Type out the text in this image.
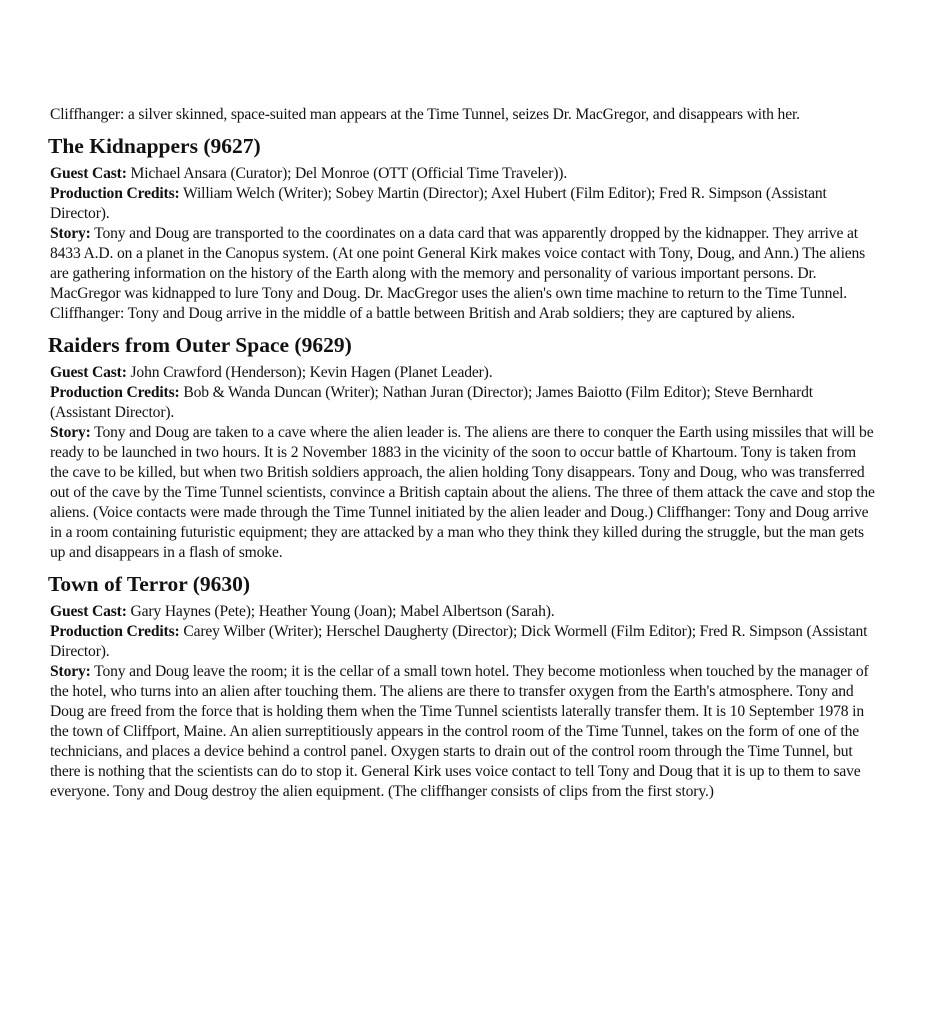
Cliffhanger: a silver skinned, space-suited man appears at the Time Tunnel, seizes Dr. MacGregor, and disappears with her.

The Kidnappers (9627)

Guest Cast: Michael Ansara (Curator); Del Monroe (OTT (Official Time Traveler)).

Production Credits: William Welch (Writer); Sobey Martin (Director); Axel Hubert (Film Editor); Fred R. Simpson (Assistant Director).

Story: Tony and Doug are transported to the coordinates on a data card that was apparently dropped by the kidnapper. They arrive at 8433 A.D. on a planet in the Canopus system. (At one point General Kirk makes voice contact with Tony, Doug, and Ann.) The aliens are gathering information on the history of the Earth along with the memory and personality of various important persons. Dr. MacGregor was kidnapped to lure Tony and Doug. Dr. MacGregor uses the alien's own time machine to return to the Time Tunnel. Cliffhanger: Tony and Doug arrive in the middle of a battle between British and Arab soldiers; they are captured by aliens.

Raiders from Outer Space (9629)

Guest Cast: John Crawford (Henderson); Kevin Hagen (Planet Leader).

Production Credits: Bob & Wanda Duncan (Writer); Nathan Juran (Director); James Baiotto (Film Editor); Steve Bernhardt (Assistant Director).

Story: Tony and Doug are taken to a cave where the alien leader is. The aliens are there to conquer the Earth using missiles that will be ready to be launched in two hours. It is 2 November 1883 in the vicinity of the soon to occur battle of Khartoum. Tony is taken from the cave to be killed, but when two British soldiers approach, the alien holding Tony disappears. Tony and Doug, who was transferred out of the cave by the Time Tunnel scientists, convince a British captain about the aliens. The three of them attack the cave and stop the aliens. (Voice contacts were made through the Time Tunnel initiated by the alien leader and Doug.) Cliffhanger: Tony and Doug arrive in a room containing futuristic equipment; they are attacked by a man who they think they killed during the struggle, but the man gets up and disappears in a flash of smoke.

Town of Terror (9630)

Guest Cast: Gary Haynes (Pete); Heather Young (Joan); Mabel Albertson (Sarah).

Production Credits: Carey Wilber (Writer); Herschel Daugherty (Director); Dick Wormell (Film Editor); Fred R. Simpson (Assistant Director).

Story: Tony and Doug leave the room; it is the cellar of a small town hotel. They become motionless when touched by the manager of the hotel, who turns into an alien after touching them. The aliens are there to transfer oxygen from the Earth's atmosphere. Tony and Doug are freed from the force that is holding them when the Time Tunnel scientists laterally transfer them. It is 10 September 1978 in the town of Cliffport, Maine. An alien surreptitiously appears in the control room of the Time Tunnel, takes on the form of one of the technicians, and places a device behind a control panel. Oxygen starts to drain out of the control room through the Time Tunnel, but there is nothing that the scientists can do to stop it. General Kirk uses voice contact to tell Tony and Doug that it is up to them to save everyone. Tony and Doug destroy the alien equipment. (The cliffhanger consists of clips from the first story.)
